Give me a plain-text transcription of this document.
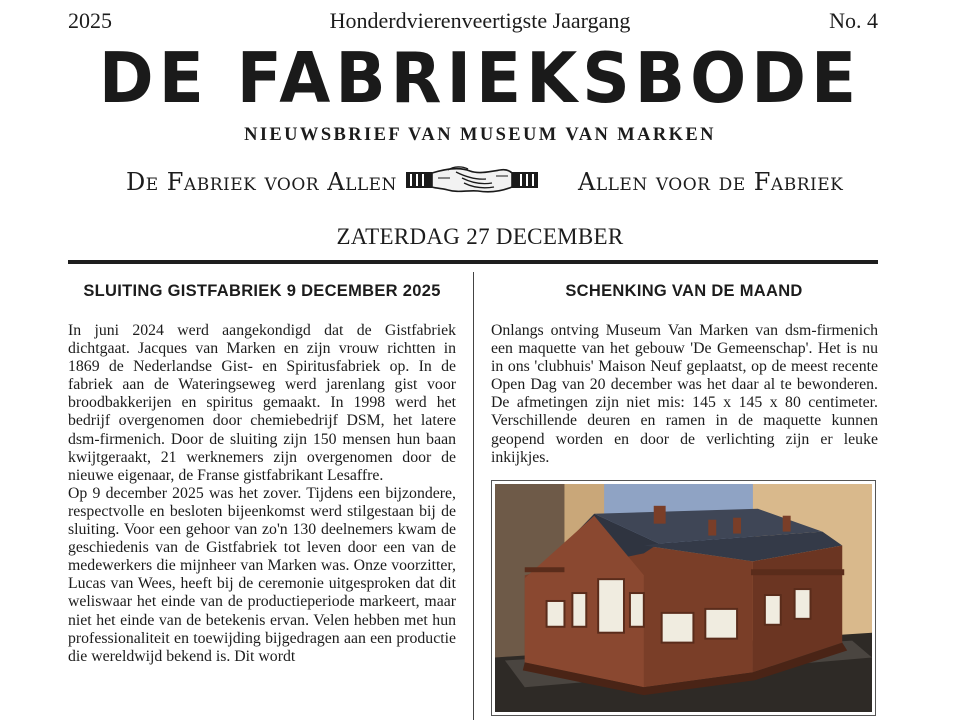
2025	Honderdvierenveertigste Jaargang	No. 4
DE FABRIEKSBODE
NIEUWSBRIEF VAN MUSEUM VAN MARKEN
De Fabriek voor Allen	Allen voor de Fabriek
ZATERDAG 27 DECEMBER
SLUITING GISTFABRIEK 9 DECEMBER 2025

In juni 2024 werd aangekondigd dat de Gistfabriek dichtgaat. Jacques van Marken en zijn vrouw richtten in 1869 de Nederlandse Gist- en Spiritusfabriek op. In de fabriek aan de Wateringseweg werd jarenlang gist voor broodbakkerijen en spiritus gemaakt. In 1998 werd het bedrijf overgenomen door chemiebedrijf DSM, het latere dsm-firmenich. Door de sluiting zijn 150 mensen hun baan kwijtgeraakt, 21 werknemers zijn overgenomen door de nieuwe eigenaar, de Franse gistfabrikant Lesaffre.

Op 9 december 2025 was het zover. Tijdens een bijzondere, respectvolle en besloten bijeenkomst werd stilgestaan bij de sluiting. Voor een gehoor van zo'n 130 deelnemers kwam de geschiedenis van de Gistfabriek tot leven door een van de medewerkers die mijnheer van Marken was. Onze voorzitter, Lucas van Wees, heeft bij de ceremonie uitgesproken dat dit weliswaar het einde van de productieperiode markeert, maar niet het einde van de betekenis ervan. Velen hebben met hun professionaliteit en toewijding bijgedragen aan een productie die wereldwijd bekend is. Dit wordt

SCHENKING VAN DE MAAND

Onlangs ontving Museum Van Marken van dsm-firmenich een maquette van het gebouw 'De Gemeenschap'. Het is nu in ons 'clubhuis' Maison Neuf geplaatst, op de meest recente Open Dag van 20 december was het daar al te bewonderen. De afmetingen zijn niet mis: 145 x 145 x 80 centimeter. Verschillende deuren en ramen in de maquette kunnen geopend worden en door de verlichting zijn er leuke inkijkjes.
